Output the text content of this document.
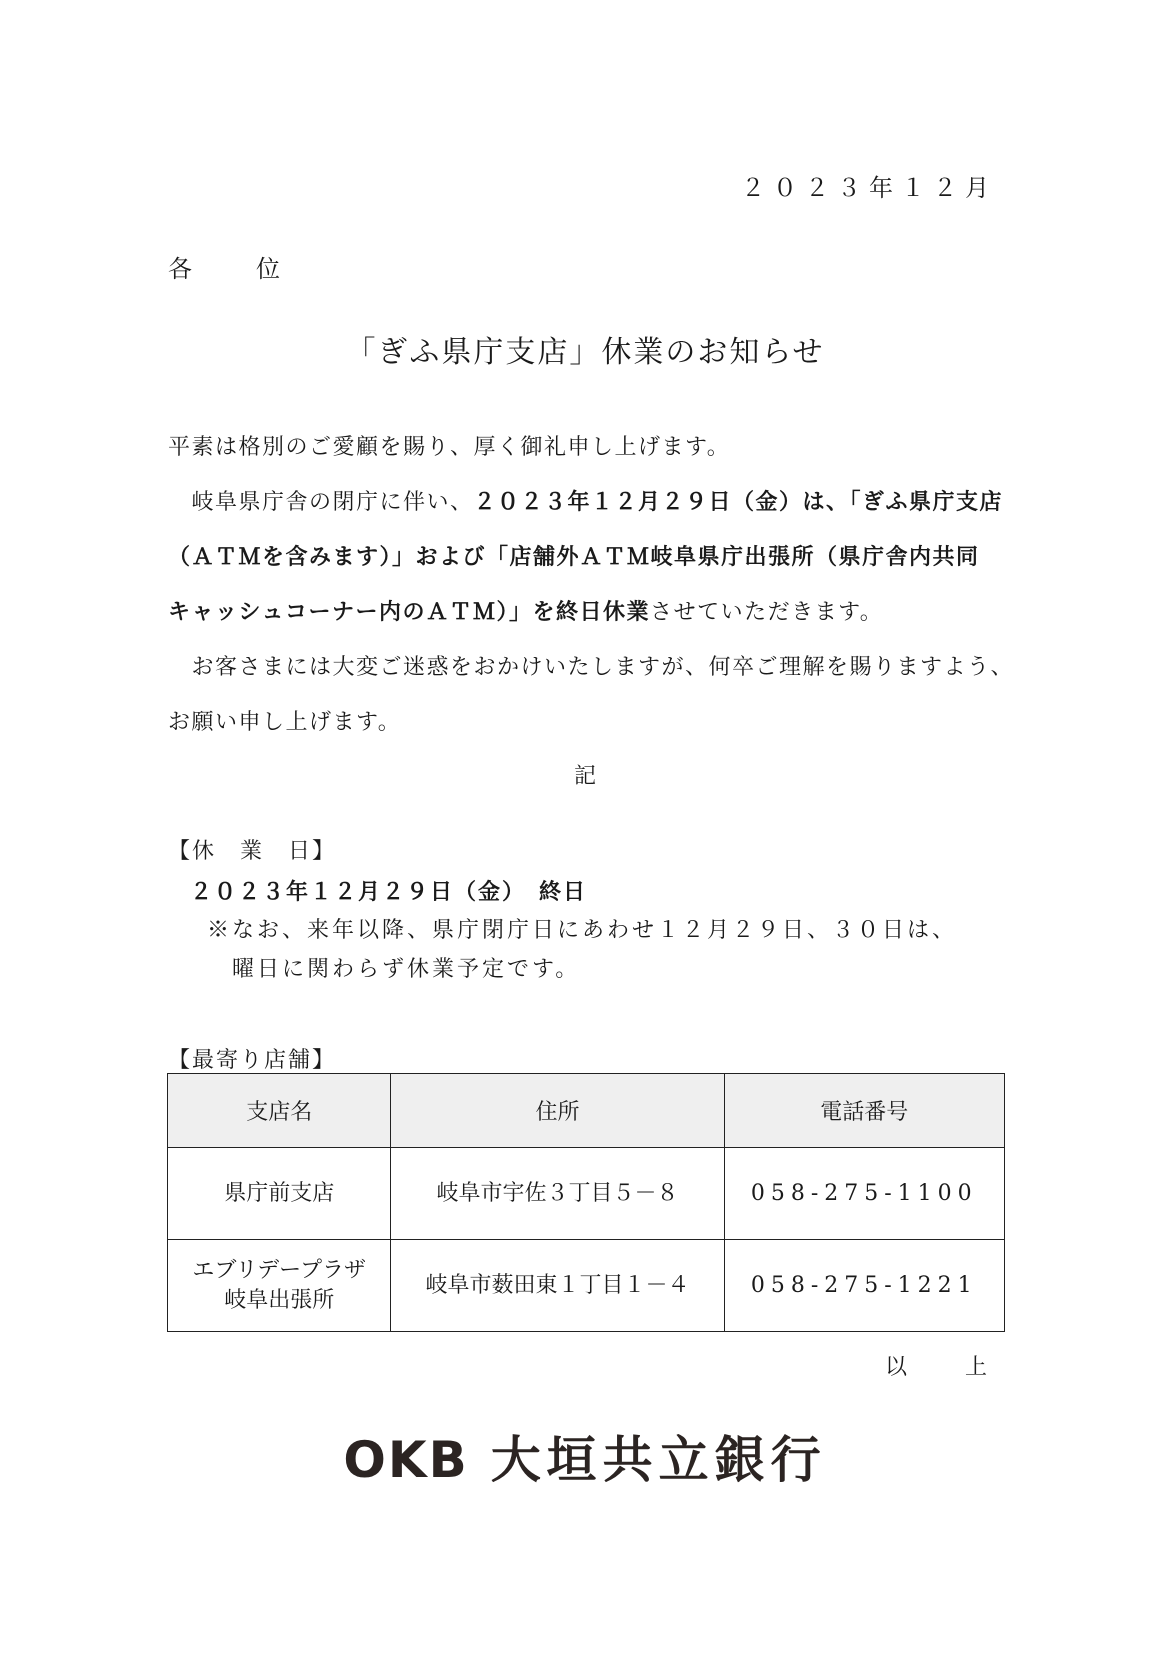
２０２３年１２月
各　位
「ぎふ県庁支店」休業のお知らせ
平素は格別のご愛顧を賜り、厚く御礼申し上げます。
　岐阜県庁舎の閉庁に伴い、２０２３年１２月２９日（金）は、「ぎふ県庁支店
（ＡＴＭを含みます）」および「店舗外ＡＴＭ岐阜県庁出張所（県庁舎内共同
キャッシュコーナー内のＡＴＭ）」を終日休業させていただきます。
　お客さまには大変ご迷惑をおかけいたしますが、何卒ご理解を賜りますよう、
お願い申し上げます。
記
【休　業　日】
２０２３年１２月２９日（金）　終日
※なお、来年以降、県庁閉庁日にあわせ１２月２９日、３０日は、
　曜日に関わらず休業予定です。
【最寄り店舗】
支店名	住所	電話番号
県庁前支店	岐阜市宇佐３丁目５－８	058-275-1100

エブリデープラザ
岐阜出張所	岐阜市薮田東１丁目１－４	058-275-1221
以　上
OKB 大垣共立銀行
